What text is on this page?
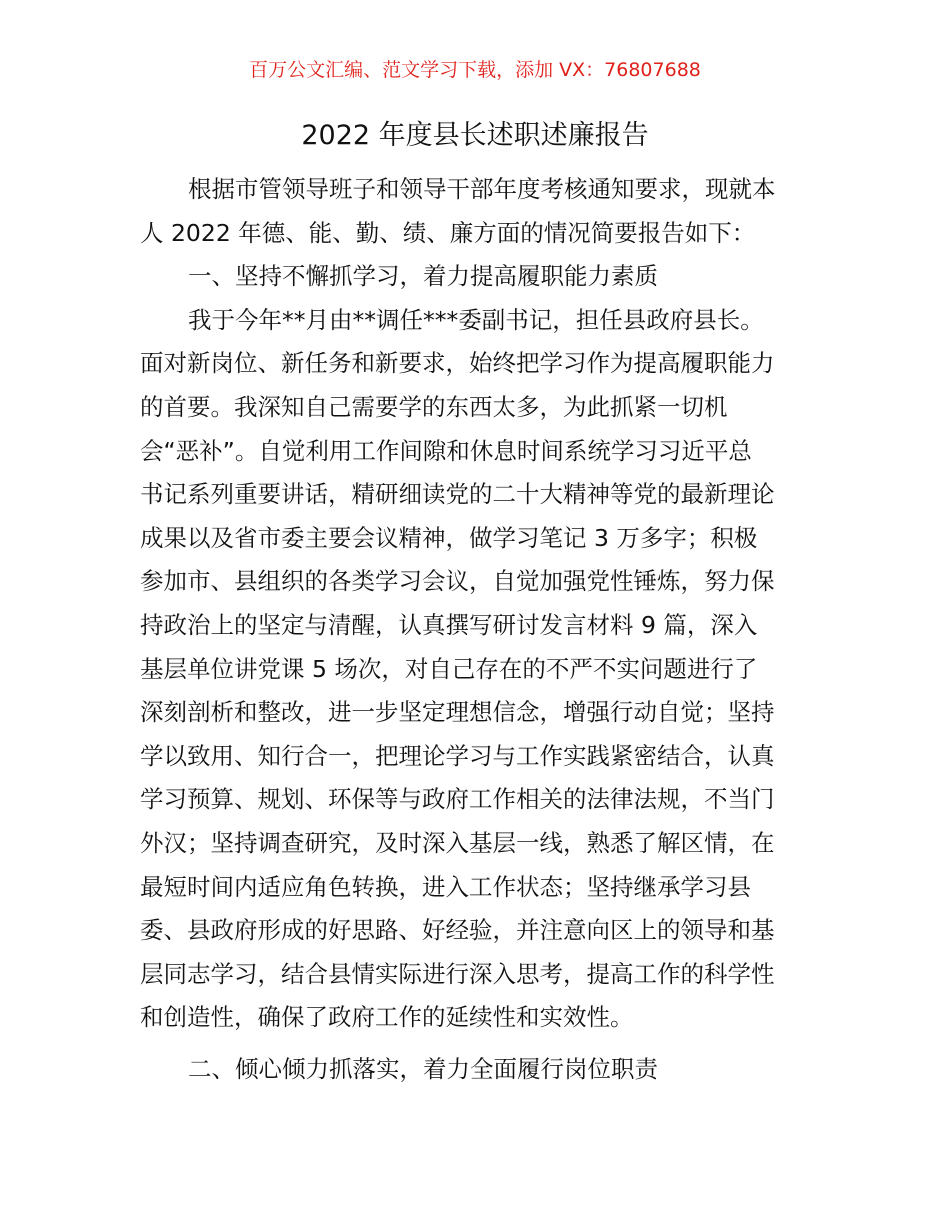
百万公文汇编、范文学习下载，添加 VX：76807688
2022 年度县长述职述廉报告
根据市管领导班子和领导干部年度考核通知要求，现就本
人 2022 年德、能、勤、绩、廉方面的情况简要报告如下：
一、坚持不懈抓学习，着力提高履职能力素质
我于今年**月由**调任***委副书记，担任县政府县长。
面对新岗位、新任务和新要求，始终把学习作为提高履职能力
的首要。我深知自己需要学的东西太多，为此抓紧一切机
会“恶补”。自觉利用工作间隙和休息时间系统学习习近平总
书记系列重要讲话，精研细读党的二十大精神等党的最新理论
成果以及省市委主要会议精神，做学习笔记 3 万多字；积极
参加市、县组织的各类学习会议，自觉加强党性锤炼，努力保
持政治上的坚定与清醒，认真撰写研讨发言材料 9 篇，深入
基层单位讲党课 5 场次，对自己存在的不严不实问题进行了
深刻剖析和整改，进一步坚定理想信念，增强行动自觉；坚持
学以致用、知行合一，把理论学习与工作实践紧密结合，认真
学习预算、规划、环保等与政府工作相关的法律法规，不当门
外汉；坚持调查研究，及时深入基层一线，熟悉了解区情，在
最短时间内适应角色转换，进入工作状态；坚持继承学习县
委、县政府形成的好思路、好经验，并注意向区上的领导和基
层同志学习，结合县情实际进行深入思考，提高工作的科学性
和创造性，确保了政府工作的延续性和实效性。
二、倾心倾力抓落实，着力全面履行岗位职责
